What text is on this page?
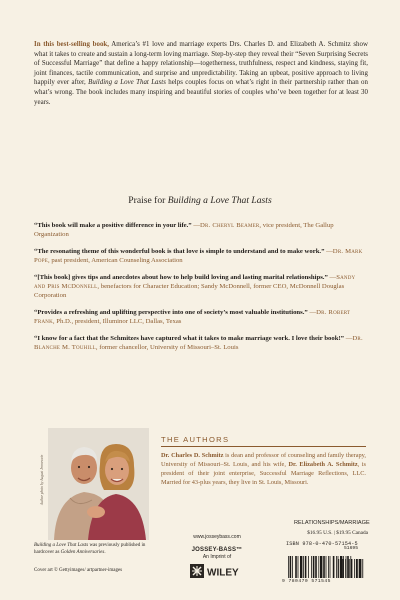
In this best-selling book, America’s #1 love and marriage experts Drs. Charles D. and Elizabeth A. Schmitz show what it takes to create and sustain a long-term loving marriage. Step-by-step they reveal their “Seven Surprising Secrets of Successful Marriage” that define a happy relationship—togetherness, truthfulness, respect and kindness, staying fit, joint finances, tactile communication, and surprise and unpredictability. Taking an upbeat, positive approach to living happily ever after, Building a Love That Lasts helps couples focus on what’s right in their partnership rather than on what’s wrong. The book includes many inspiring and beautiful stories of couples who’ve been together for at least 30 years.
Praise for Building a Love That Lasts

“This book will make a positive difference in your life.” —Dr. Cheryl Beamer, vice president, The Gallup Organization

“The resonating theme of this wonderful book is that love is simple to understand and to make work.” —Dr. Mark Pope, past president, American Counseling Association

“[This book] gives tips and anecdotes about how to help build loving and lasting marital relationships.” —Sandy and Pris McDonnell, benefactors for Character Education; Sandy McDonnell, former CEO, McDonnell Douglas Corporation

“Provides a refreshing and uplifting perspective into one of society’s most valuable institutions.” —Dr. Robert Frank, Ph.D., president, Illuminor LLC, Dallas, Texas

“I know for a fact that the Schmitzes have captured what it takes to make marriage work. I love their book!” —Dr. Blanche M. Touhill, former chancellor, University of Missouri–St. Louis

Author photo by August Jennewein
THE AUTHORS
Dr. Charles D. Schmitz is dean and professor of counseling and family therapy, University of Missouri–St. Louis, and his wife, Dr. Elizabeth A. Schmitz, is president of their joint enterprise, Successful Marriage Reflections, LLC. Married for 43-plus years, they live in St. Louis, Missouri.
Building a Love That Lasts was previously published in hardcover as Golden Anniversaries.
Cover art © Gettyimages/ artpartner-images
www.josseybass.com
JOSSEY-BASS™
An Imprint of
WILEY
RELATIONSHIPS/MARRIAGE
$16.95 U.S. | $19.95 Canada
ISBN 978-0-470-57154-5
51695
9 780470 571545
